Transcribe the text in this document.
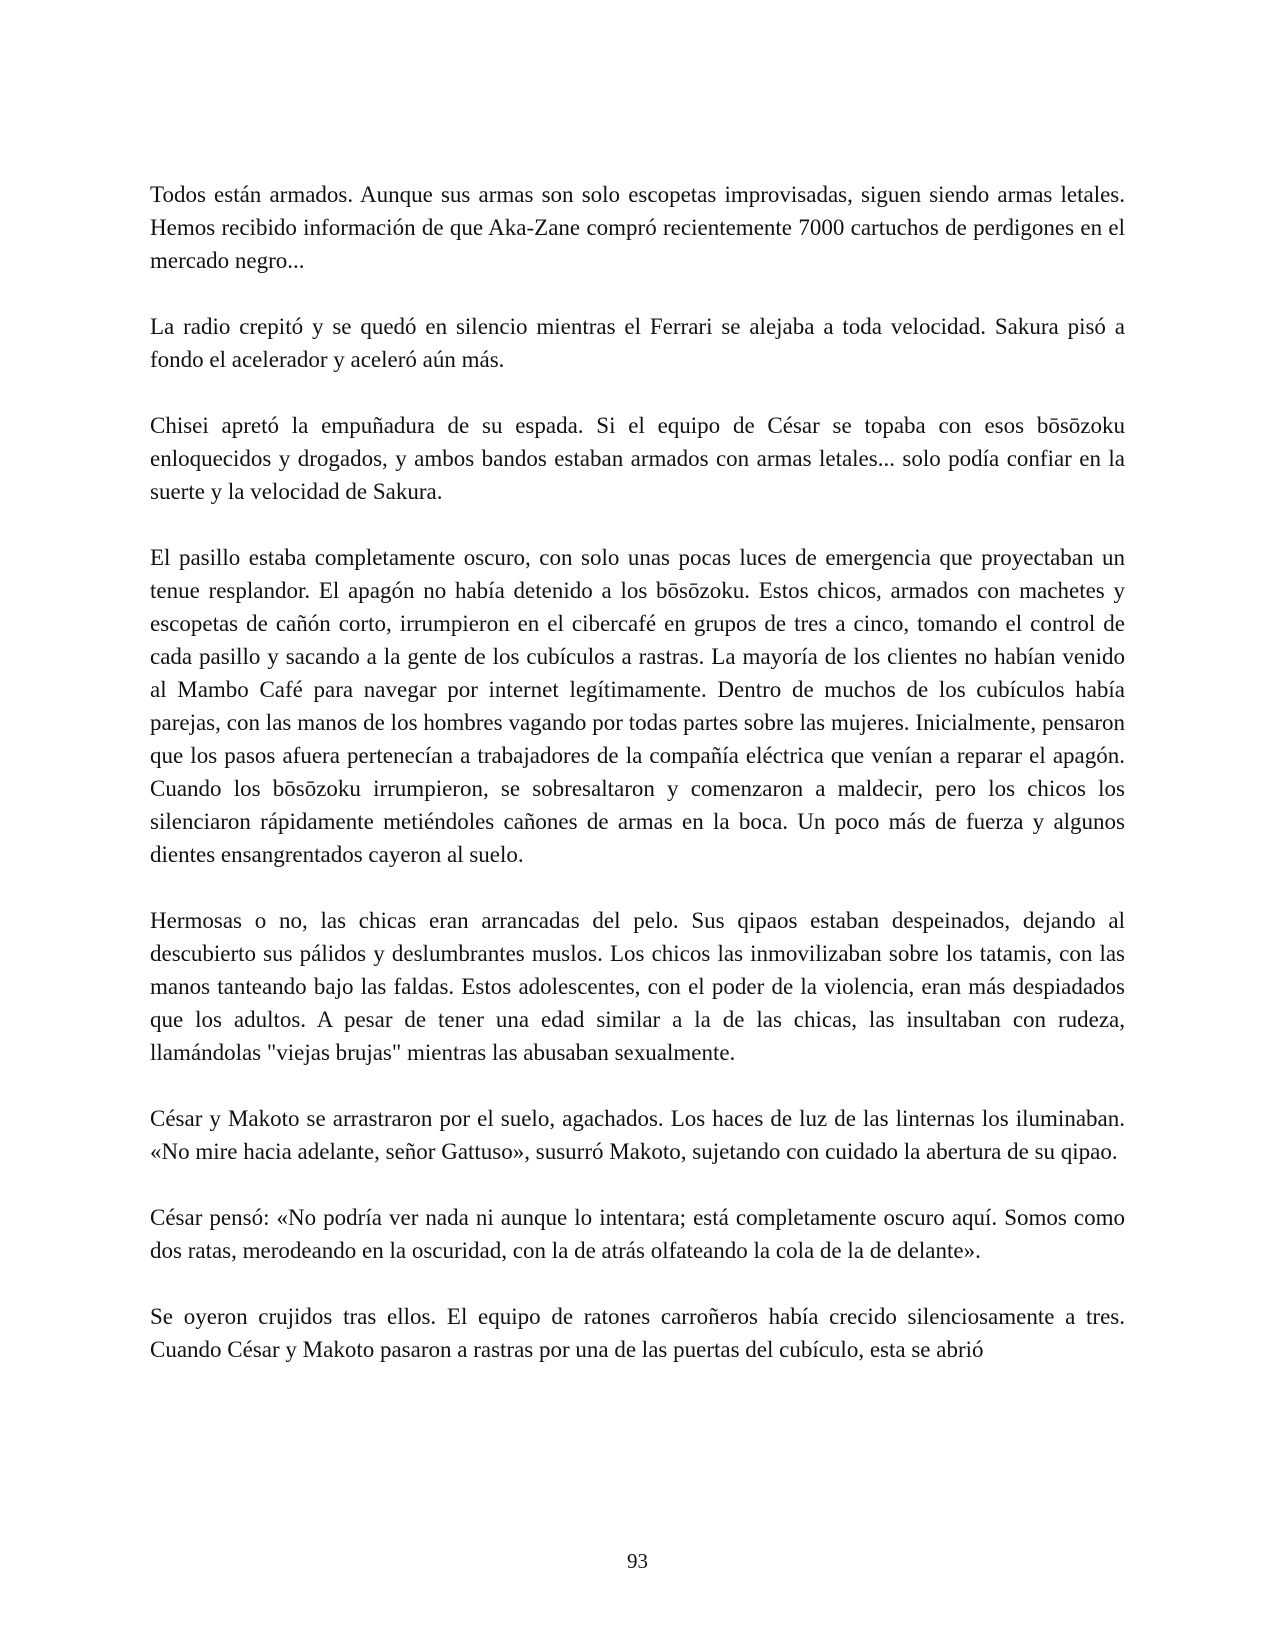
Todos están armados. Aunque sus armas son solo escopetas improvisadas, siguen siendo armas letales. Hemos recibido información de que Aka-Zane compró recientemente 7000 cartuchos de perdigones en el mercado negro...

La radio crepitó y se quedó en silencio mientras el Ferrari se alejaba a toda velocidad. Sakura pisó a fondo el acelerador y aceleró aún más.

Chisei apretó la empuñadura de su espada. Si el equipo de César se topaba con esos bōsōzoku enloquecidos y drogados, y ambos bandos estaban armados con armas letales... solo podía confiar en la suerte y la velocidad de Sakura.

El pasillo estaba completamente oscuro, con solo unas pocas luces de emergencia que proyectaban un tenue resplandor. El apagón no había detenido a los bōsōzoku. Estos chicos, armados con machetes y escopetas de cañón corto, irrumpieron en el cibercafé en grupos de tres a cinco, tomando el control de cada pasillo y sacando a la gente de los cubículos a rastras. La mayoría de los clientes no habían venido al Mambo Café para navegar por internet legítimamente. Dentro de muchos de los cubículos había parejas, con las manos de los hombres vagando por todas partes sobre las mujeres. Inicialmente, pensaron que los pasos afuera pertenecían a trabajadores de la compañía eléctrica que venían a reparar el apagón. Cuando los bōsōzoku irrumpieron, se sobresaltaron y comenzaron a maldecir, pero los chicos los silenciaron rápidamente metiéndoles cañones de armas en la boca. Un poco más de fuerza y algunos dientes ensangrentados cayeron al suelo.

Hermosas o no, las chicas eran arrancadas del pelo. Sus qipaos estaban despeinados, dejando al descubierto sus pálidos y deslumbrantes muslos. Los chicos las inmovilizaban sobre los tatamis, con las manos tanteando bajo las faldas. Estos adolescentes, con el poder de la violencia, eran más despiadados que los adultos. A pesar de tener una edad similar a la de las chicas, las insultaban con rudeza, llamándolas "viejas brujas" mientras las abusaban sexualmente.

César y Makoto se arrastraron por el suelo, agachados. Los haces de luz de las linternas los iluminaban. «No mire hacia adelante, señor Gattuso», susurró Makoto, sujetando con cuidado la abertura de su qipao.

César pensó: «No podría ver nada ni aunque lo intentara; está completamente oscuro aquí. Somos como dos ratas, merodeando en la oscuridad, con la de atrás olfateando la cola de la de delante».

Se oyeron crujidos tras ellos. El equipo de ratones carroñeros había crecido silenciosamente a tres. Cuando César y Makoto pasaron a rastras por una de las puertas del cubículo, esta se abrió

93
